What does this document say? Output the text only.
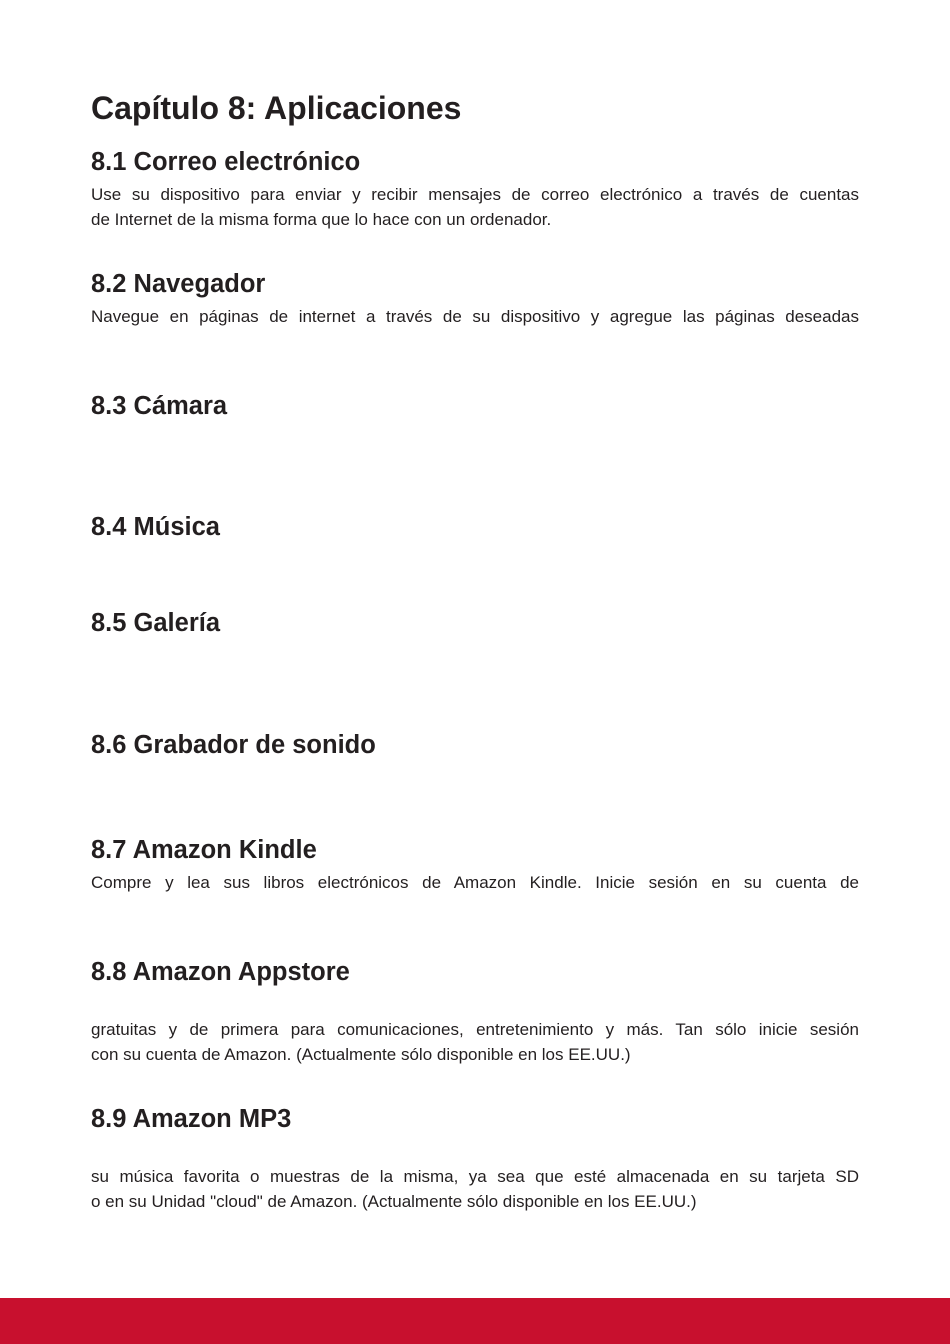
Capítulo 8: Aplicaciones
8.1 Correo electrónico
Use su dispositivo para enviar y recibir mensajes de correo electrónico a través de cuentas
de Internet de la misma forma que lo hace con un ordenador.
8.2 Navegador
Navegue en páginas de internet a través de su dispositivo y agregue las páginas deseadas
8.3 Cámara
8.4 Música
8.5 Galería
8.6 Grabador de sonido
8.7 Amazon Kindle
Compre y lea sus libros electrónicos de Amazon Kindle. Inicie sesión en su cuenta de
8.8 Amazon Appstore
gratuitas y de primera para comunicaciones, entretenimiento y más. Tan sólo inicie sesión
con su cuenta de Amazon. (Actualmente sólo disponible en los EE.UU.)
8.9 Amazon MP3
su música favorita o muestras de la misma, ya sea que esté almacenada en su tarjeta SD
o en su Unidad "cloud" de Amazon. (Actualmente sólo disponible en los EE.UU.)
